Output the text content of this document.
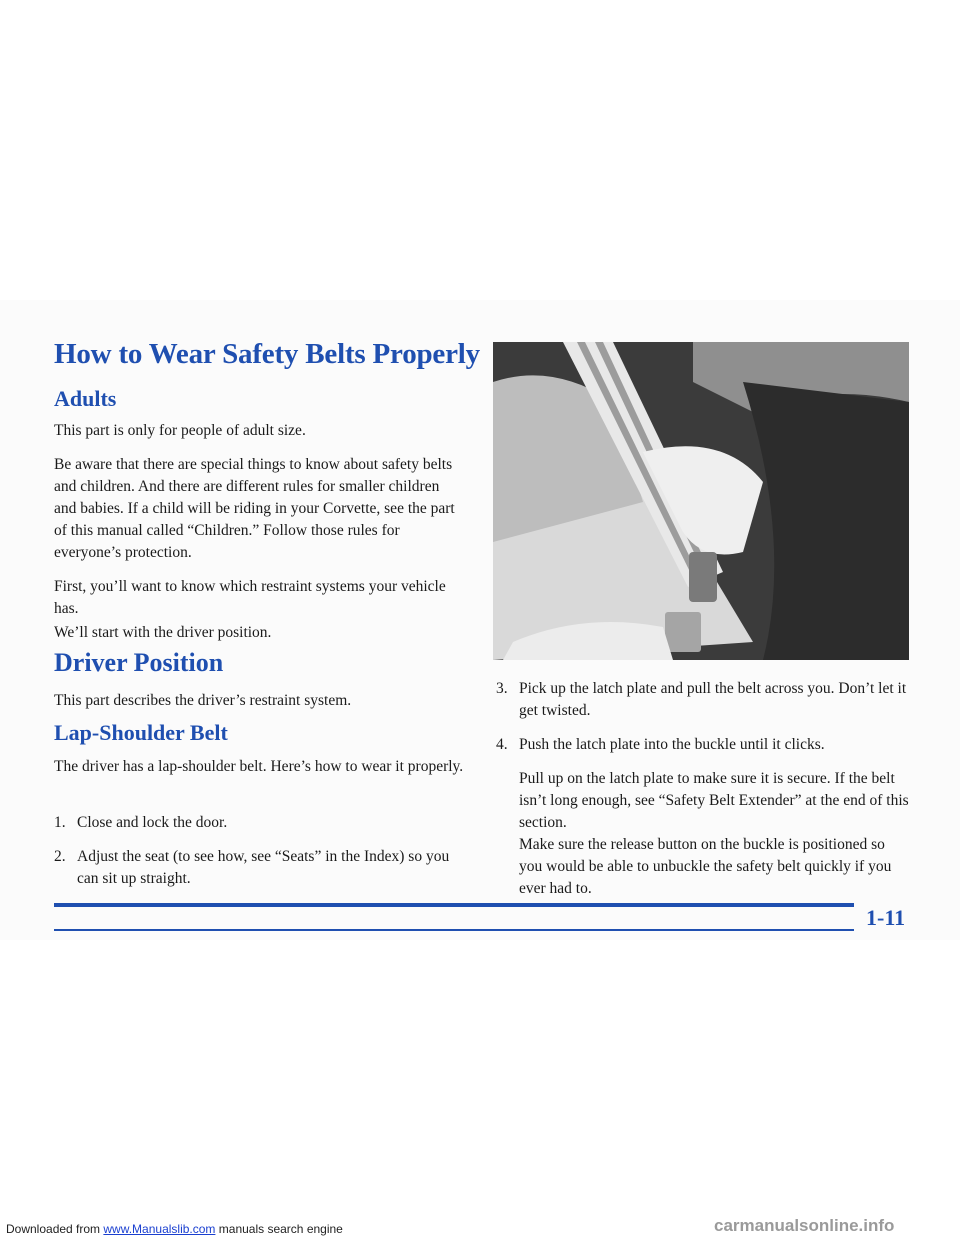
How to Wear Safety Belts Properly
Adults

This part is only for people of adult size.

Be aware that there are special things to know about safety belts and children. And there are different rules for smaller children and babies. If a child will be riding in your Corvette, see the part of this manual called “Children.” Follow those rules for everyone’s protection.

First, you’ll want to know which restraint systems your vehicle has.

We’ll start with the driver position.

Driver Position

This part describes the driver’s restraint system.

Lap-Shoulder Belt

The driver has a lap-shoulder belt. Here’s how to wear it properly.

1. Close and lock the door.
2. Adjust the seat (to see how, see “Seats” in the Index) so you can sit up straight.
3. Pick up the latch plate and pull the belt across you. Don’t let it get twisted.
4. Push the latch plate into the buckle until it clicks.

Pull up on the latch plate to make sure it is secure. If the belt isn’t long enough, see “Safety Belt Extender” at the end of this section.

Make sure the release button on the buckle is positioned so you would be able to unbuckle the safety belt quickly if you ever had to.

1-11
Downloaded from www.Manualslib.com manuals search engine	carmanualsonline.info
